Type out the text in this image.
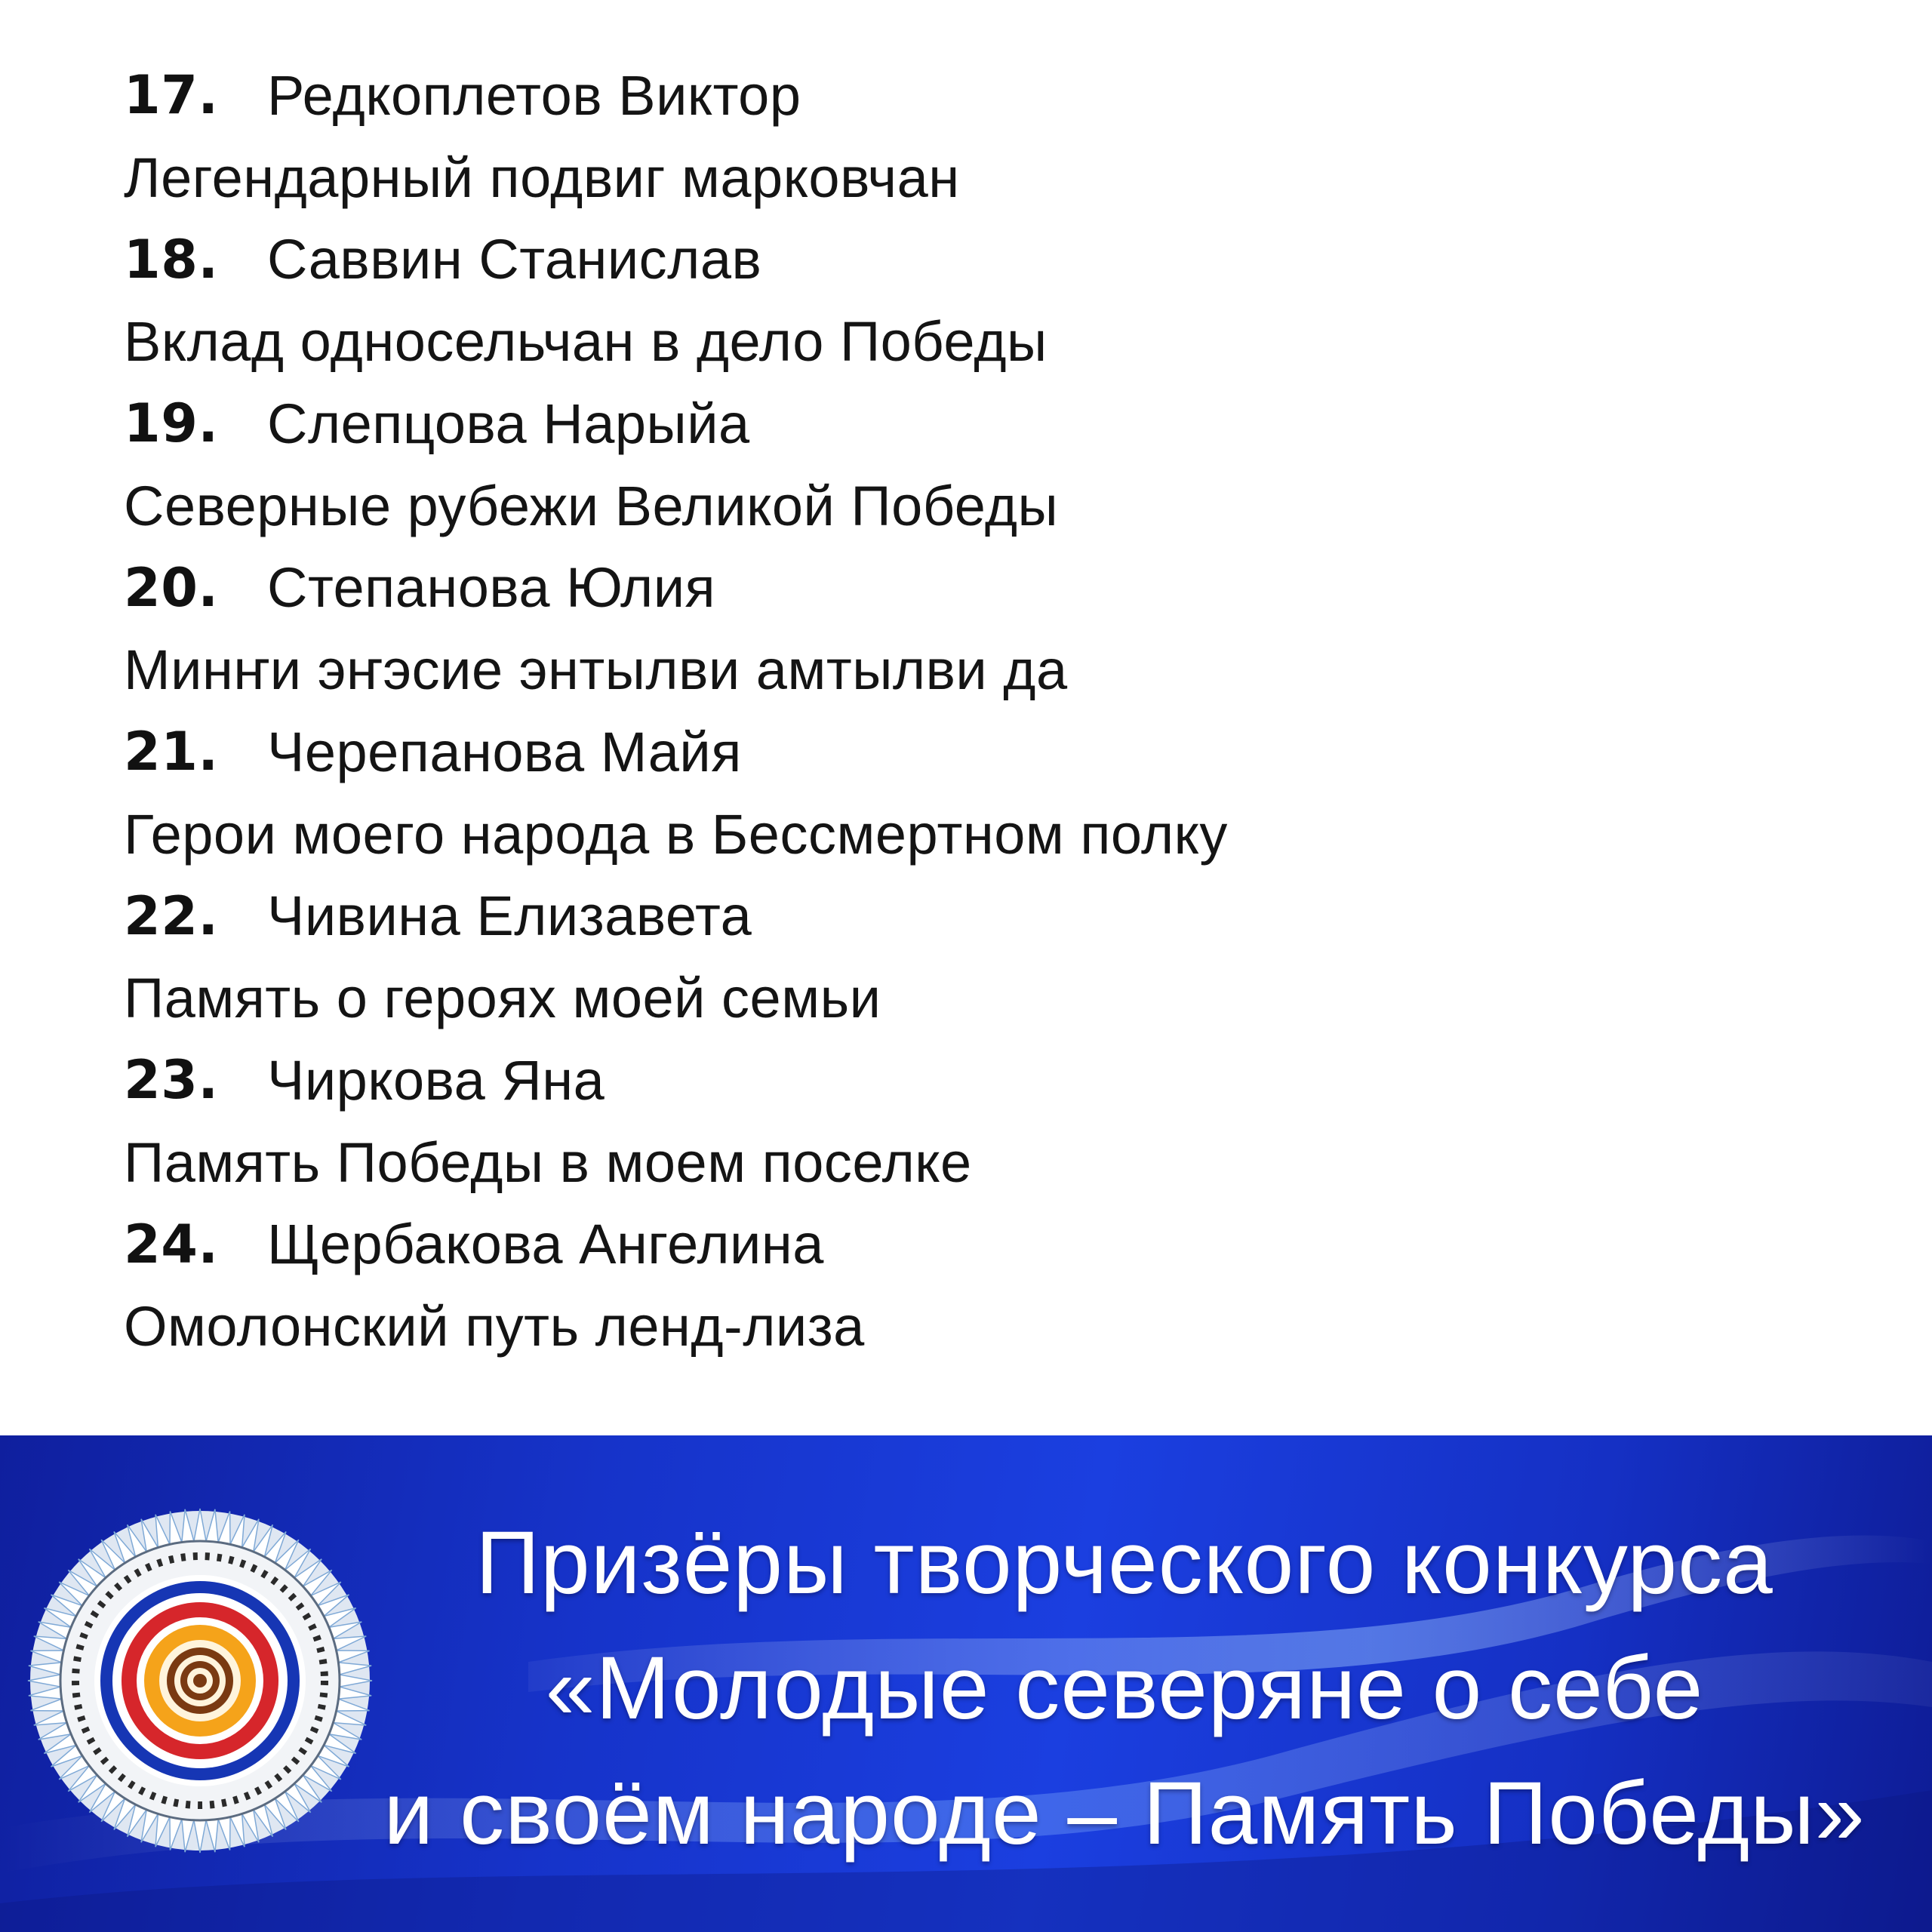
17. Редкоплетов Виктор
Легендарный подвиг марковчан
18. Саввин Станислав
Вклад односельчан в дело Победы
19. Слепцова Нарыйа
Северные рубежи Великой Победы
20. Степанова Юлия
Минҥи эҥэсие энтылви амтылви да
21. Черепанова Майя
Герои моего народа в Бессмертном полку
22. Чивина Елизавета
Память о героях моей семьи
23. Чиркова Яна
Память Победы в моем поселке
24. Щербакова Ангелина
Омолонский путь ленд-лиза
Призёры творческого конкурса
«Молодые северяне о себе
и своём народе – Память Победы»
